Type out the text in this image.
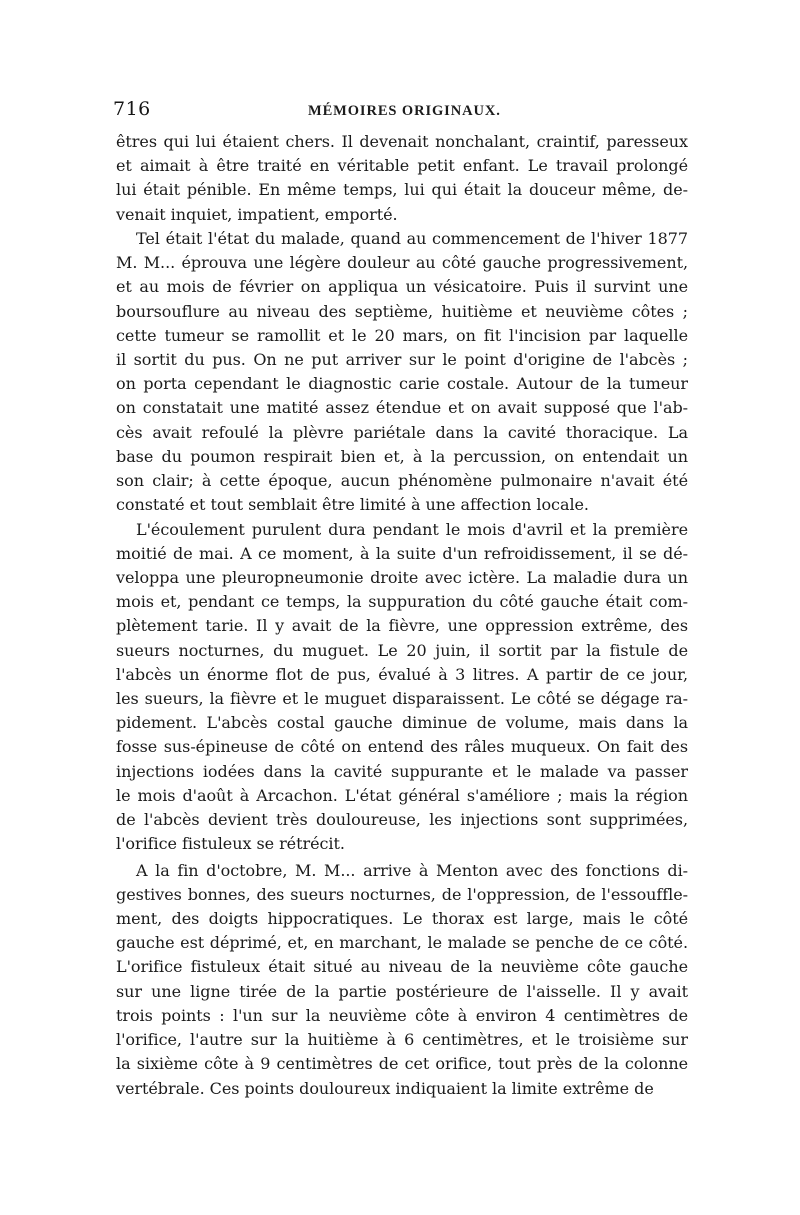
716	MÉMOIRES ORIGINAUX.
êtres qui lui étaient chers. Il devenait nonchalant, craintif, paresseux
et aimait à être traité en véritable petit enfant. Le travail prolongé
lui était pénible. En même temps, lui qui était la douceur même, de-
venait inquiet, impatient, emporté.
Tel était l'état du malade, quand au commencement de l'hiver 1877
M. M... éprouva une légère douleur au côté gauche progressivement,
et au mois de février on appliqua un vésicatoire. Puis il survint une
boursouflure au niveau des septième, huitième et neuvième côtes ;
cette tumeur se ramollit et le 20 mars, on fit l'incision par laquelle
il sortit du pus. On ne put arriver sur le point d'origine de l'abcès ;
on porta cependant le diagnostic carie costale. Autour de la tumeur
on constatait une matité assez étendue et on avait supposé que l'ab-
cès avait refoulé la plèvre pariétale dans la cavité thoracique. La
base du poumon respirait bien et, à la percussion, on entendait un
son clair; à cette époque, aucun phénomène pulmonaire n'avait été
constaté et tout semblait être limité à une affection locale.
L'écoulement purulent dura pendant le mois d'avril et la première
moitié de mai. A ce moment, à la suite d'un refroidissement, il se dé-
veloppa une pleuropneumonie droite avec ictère. La maladie dura un
mois et, pendant ce temps, la suppuration du côté gauche était com-
plètement tarie. Il y avait de la fièvre, une oppression extrême, des
sueurs nocturnes, du muguet. Le 20 juin, il sortit par la fistule de
l'abcès un énorme flot de pus, évalué à 3 litres. A partir de ce jour,
les sueurs, la fièvre et le muguet disparaissent. Le côté se dégage ra-
pidement. L'abcès costal gauche diminue de volume, mais dans la
fosse sus-épineuse de côté on entend des râles muqueux. On fait des
injections iodées dans la cavité suppurante et le malade va passer
le mois d'août à Arcachon. L'état général s'améliore ; mais la région
de l'abcès devient très douloureuse, les injections sont supprimées,
l'orifice fistuleux se rétrécit.
A la fin d'octobre, M. M... arrive à Menton avec des fonctions di-
gestives bonnes, des sueurs nocturnes, de l'oppression, de l'essouffle-
ment, des doigts hippocratiques. Le thorax est large, mais le côté
gauche est déprimé, et, en marchant, le malade se penche de ce côté.
L'orifice fistuleux était situé au niveau de la neuvième côte gauche
sur une ligne tirée de la partie postérieure de l'aisselle. Il y avait
trois points : l'un sur la neuvième côte à environ 4 centimètres de
l'orifice, l'autre sur la huitième à 6 centimètres, et le troisième sur
la sixième côte à 9 centimètres de cet orifice, tout près de la colonne
vertébrale. Ces points douloureux indiquaient la limite extrême de
